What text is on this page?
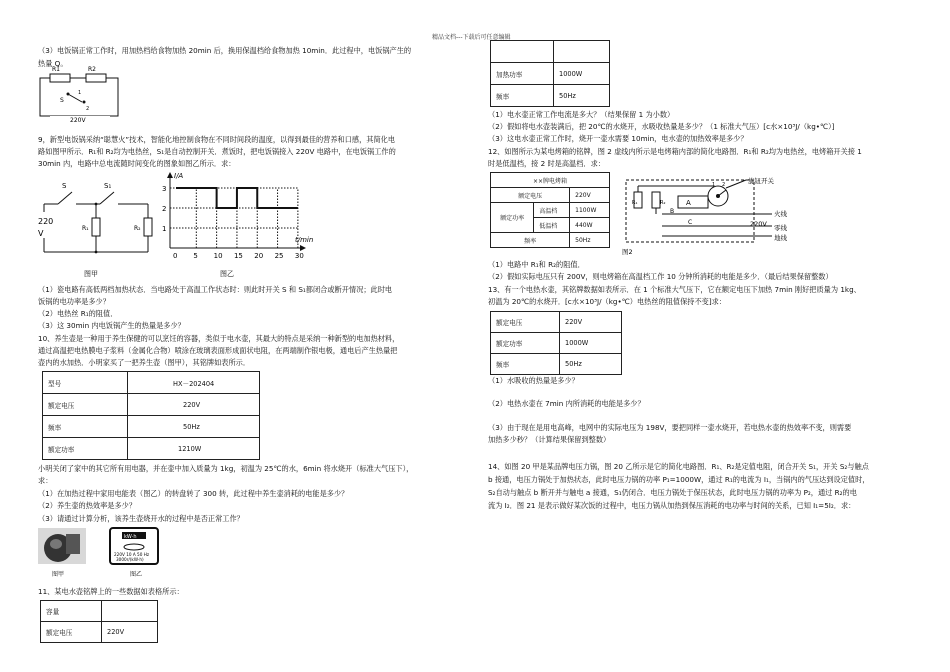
精品文档---下载后可任意编辑
（3）电饭锅正常工作时，用加热档给食物加热 20min 后，换用保温档给食物加热 10min．此过程中，电饭锅产生的
热量 Q。
R1	R2
S
1
2
220V
9，新型电饭锅采纳“聪慧火”技术，智能化地控制食物在不同时间段的温度，以得到最佳的营养和口感，其简化电
路如图甲所示．R₁和 R₂均为电热丝，S₁是自动控制开关．煮饭时，把电饭锅接入 220V 电路中，在电饭锅工作的
30min 内，电路中总电流随时间变化的图象如图乙所示．求：
S	S₁
R₁	R₂
220
V
图甲
0 5 10 15 20 25 30
1
2
3
I/A
t/min
图乙
（1）瓷电路有高低两档加热状态．当电路处于高温工作状态时：则此时开关 S 和 S₁都闭合或断开情况；此时电
饭锅的电功率是多少？
（2）电热丝 R₁的阻值．
（3）这 30min 内电饭锅产生的热量是多少？
10、养生壶是一种用于养生保健的可以烹饪的容器，类似于电水壶，其最大的特点是采纳一种新型的电加热材料，
通过高温把电热膜电子浆料（金属化合物）喷涂在玻璃表面形成面状电阻，在两端制作银电极，通电后产生热量把
壶内的水加热．小明家买了一把养生壶（图甲），其铭牌如表所示．
型号	HX－202404
额定电压	220V
频率	50Hz
额定功率	1210W
小明关闭了家中的其它所有用电器，并在壶中加入质量为 1kg，初温为 25℃的水，6min 将水烧开（标准大气压下），
求：
（1）在加热过程中家用电能表（图乙）的转盘转了 300 转，此过程中养生壶消耗的电能是多少？
（2）养生壶的热效率是多少？
（3）请通过计算分析，该养生壶烧开水的过程中是否正常工作？
图甲
kW·h
220V 10 A 50 Hz
3000r/(kW·h)
图乙
11、某电水壶铭牌上的一些数据如表格所示：
容量	
额定电压	220V

加热功率	1000W
频率	50Hz
（1）电水壶正常工作电流是多大？（结果保留 1 为小数）
（2）假如将电水壶装满后，把 20℃的水烧开，水吸收热量是多少？（1 标准大气压）[c水×10³J/（kg•℃）]
（3）这电水壶正常工作时，烧开一壶水需要 10min，电水壶的加热效率是多少？
12、如图所示为某电烤箱的铭牌，图 2 虚线内所示是电烤箱内部的简化电路图．R₁和 R₂均为电热丝，电烤箱开关接 1
时是低温档，接 2 时是高温档．求：
××牌电烤箱		
额定电压		220V
额定功率	高温档	1100W
	低温档	440W
频率		50Hz
R₁	R₂	A
B
C
1 2	旋钮开关
火线
220V 零线
地线
图2
（1）电路中 R₁和 R₂的阻值．
（2）假如实际电压只有 200V，则电烤箱在高温档工作 10 分钟所消耗的电能是多少．（最后结果保留整数）
13、有一个电热水壶，其铭牌数据如表所示．在 1 个标准大气压下，它在额定电压下加热 7min 刚好把质量为 1kg、
初温为 20℃的水烧开．[c水×10³J/（kg•℃）电热丝的阻值保持不变]求：
额定电压	220V
额定功率	1000W
频率	50Hz
（1）水吸收的热量是多少？
（2）电热水壶在 7min 内所消耗的电能是多少？
（3）由于现在是用电高峰，电网中的实际电压为 198V，要把同样一壶水烧开，若电热水壶的热效率不变，则需要
加热多少秒？（计算结果保留到整数）
14、如图 20 甲是某品牌电压力锅，图 20 乙所示是它的简化电路图．R₁、R₂是定值电阻，闭合开关 S₁，开关 S₂与触点
b 接通，电压力锅处于加热状态，此时电压力锅的功率 P₁=1000W，通过 R₁的电流为 I₁，当锅内的气压达到设定值时，
S₂自动与触点 b 断开并与触电 a 接通，S₁仍闭合．电压力锅处于保压状态，此时电压力锅的功率为 P₂，通过 R₂的电
流为 I₂．图 21 是表示做好某次饭的过程中，电压力锅从加热到保压消耗的电功率与时间的关系，已知 I₁=5I₂．求：
